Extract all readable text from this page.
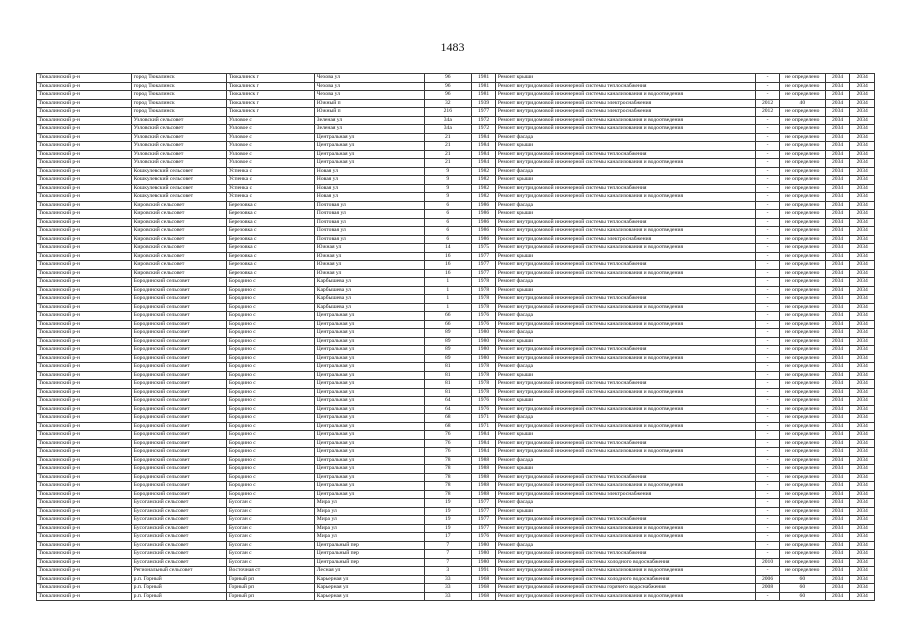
1483
Тюкалинский р-н	город Тюкалинск	Тюкалинск г	Чехова ул	96	1981	Ремонт крыши	-	не определено	2034	2034
Тюкалинский р-н	город Тюкалинск	Тюкалинск г	Чехова ул	96	1981	Ремонт внутридомовой инженерной системы теплоснабжения	-	не определено	2034	2034
Тюкалинский р-н	город Тюкалинск	Тюкалинск г	Чехова ул	96	1981	Ремонт внутридомовой инженерной системы канализования и водоотведения	-	не определено	2034	2034
Тюкалинский р-н	город Тюкалинск	Тюкалинск г	Южный п	32	1939	Ремонт внутридомовой инженерной системы электроснабжения	2012	40	2034	2034
Тюкалинский р-н	город Тюкалинск	Тюкалинск г	Южный п	216	1977	Ремонт внутридомовой инженерной системы электроснабжения	2012	не определено	2034	2034
Тюкалинский р-н	Узловский сельсовет	Узловое с	Зеленая ул	34а	1972	Ремонт внутридомовой инженерной системы канализования и водоотведения	-	не определено	2034	2034
Тюкалинский р-н	Узловский сельсовет	Узловое с	Зеленая ул	34а	1972	Ремонт внутридомовой инженерной системы канализования и водоотведения	-	не определено	2034	2034
Тюкалинский р-н	Узловский сельсовет	Узловое с	Центральная ул	21	1984	Ремонт фасада	-	не определено	2034	2034
Тюкалинский р-н	Узловский сельсовет	Узловое с	Центральная ул	21	1984	Ремонт крыши	-	не определено	2034	2034
Тюкалинский р-н	Узловский сельсовет	Узловое с	Центральная ул	21	1984	Ремонт внутридомовой инженерной системы теплоснабжения	-	не определено	2034	2034
Тюкалинский р-н	Узловский сельсовет	Узловое с	Центральная ул	21	1984	Ремонт внутридомовой инженерной системы канализования и водоотведения	-	не определено	2034	2034
Тюкалинский р-н	Кошкулевский сельсовет	Успенка с	Новая ул	9	1982	Ремонт фасада	-	не определено	2034	2034
Тюкалинский р-н	Кошкулевский сельсовет	Успенка с	Новая ул	9	1982	Ремонт крыши	-	не определено	2034	2034
Тюкалинский р-н	Кошкулевский сельсовет	Успенка с	Новая ул	9	1982	Ремонт внутридомовой инженерной системы теплоснабжения	-	не определено	2034	2034
Тюкалинский р-н	Кошкулевский сельсовет	Успенка с	Новая ул	9	1982	Ремонт внутридомовой инженерной системы канализования и водоотведения	-	не определено	2034	2034
Тюкалинский р-н	Кировский сельсовет	Березовка с	Почтовая ул	6	1986	Ремонт фасада	-	не определено	2034	2034
Тюкалинский р-н	Кировский сельсовет	Березовка с	Почтовая ул	6	1986	Ремонт крыши	-	не определено	2034	2034
Тюкалинский р-н	Кировский сельсовет	Березовка с	Почтовая ул	6	1986	Ремонт внутридомовой инженерной системы теплоснабжения	-	не определено	2034	2034
Тюкалинский р-н	Кировский сельсовет	Березовка с	Почтовая ул	6	1986	Ремонт внутридомовой инженерной системы канализования и водоотведения	-	не определено	2034	2034
Тюкалинский р-н	Кировский сельсовет	Березовка с	Почтовая ул	6	1986	Ремонт внутридомовой инженерной системы электроснабжения	-	не определено	2034	2034
Тюкалинский р-н	Кировский сельсовет	Березовка с	Южная ул	14	1975	Ремонт внутридомовой инженерной системы канализования и водоотведения	-	не определено	2034	2034
Тюкалинский р-н	Кировский сельсовет	Березовка с	Южная ул	16	1977	Ремонт крыши	-	не определено	2034	2034
Тюкалинский р-н	Кировский сельсовет	Березовка с	Южная ул	16	1977	Ремонт внутридомовой инженерной системы теплоснабжения	-	не определено	2034	2034
Тюкалинский р-н	Кировский сельсовет	Березовка с	Южная ул	16	1977	Ремонт внутридомовой инженерной системы канализования и водоотведения	-	не определено	2034	2034
Тюкалинский р-н	Бородинский сельсовет	Бородино с	Карбышева ул	1	1978	Ремонт фасада	-	не определено	2034	2034
Тюкалинский р-н	Бородинский сельсовет	Бородино с	Карбышева ул	1	1978	Ремонт крыши	-	не определено	2034	2034
Тюкалинский р-н	Бородинский сельсовет	Бородино с	Карбышева ул	1	1978	Ремонт внутридомовой инженерной системы теплоснабжения	-	не определено	2034	2034
Тюкалинский р-н	Бородинский сельсовет	Бородино с	Карбышева ул	1	1978	Ремонт внутридомовой инженерной системы канализования и водоотведения	-	не определено	2034	2034
Тюкалинский р-н	Бородинский сельсовет	Бородино с	Центральная ул	66	1976	Ремонт фасада	-	не определено	2034	2034
Тюкалинский р-н	Бородинский сельсовет	Бородино с	Центральная ул	66	1976	Ремонт внутридомовой инженерной системы канализования и водоотведения	-	не определено	2034	2034
Тюкалинский р-н	Бородинский сельсовет	Бородино с	Центральная ул	89	1980	Ремонт фасада	-	не определено	2034	2034
Тюкалинский р-н	Бородинский сельсовет	Бородино с	Центральная ул	89	1980	Ремонт крыши	-	не определено	2034	2034
Тюкалинский р-н	Бородинский сельсовет	Бородино с	Центральная ул	89	1980	Ремонт внутридомовой инженерной системы теплоснабжения	-	не определено	2034	2034
Тюкалинский р-н	Бородинский сельсовет	Бородино с	Центральная ул	89	1980	Ремонт внутридомовой инженерной системы канализования и водоотведения	-	не определено	2034	2034
Тюкалинский р-н	Бородинский сельсовет	Бородино с	Центральная ул	81	1978	Ремонт фасада	-	не определено	2034	2034
Тюкалинский р-н	Бородинский сельсовет	Бородино с	Центральная ул	81	1978	Ремонт крыши	-	не определено	2034	2034
Тюкалинский р-н	Бородинский сельсовет	Бородино с	Центральная ул	81	1978	Ремонт внутридомовой инженерной системы теплоснабжения	-	не определено	2034	2034
Тюкалинский р-н	Бородинский сельсовет	Бородино с	Центральная ул	81	1978	Ремонт внутридомовой инженерной системы канализования и водоотведения	-	не определено	2034	2034
Тюкалинский р-н	Бородинский сельсовет	Бородино с	Центральная ул	64	1976	Ремонт крыши	-	не определено	2034	2034
Тюкалинский р-н	Бородинский сельсовет	Бородино с	Центральная ул	64	1976	Ремонт внутридомовой инженерной системы канализования и водоотведения	-	не определено	2034	2034
Тюкалинский р-н	Бородинский сельсовет	Бородино с	Центральная ул	68	1971	Ремонт фасада	-	не определено	2034	2034
Тюкалинский р-н	Бородинский сельсовет	Бородино с	Центральная ул	68	1971	Ремонт внутридомовой инженерной системы канализования и водоотведения	-	не определено	2034	2034
Тюкалинский р-н	Бородинский сельсовет	Бородино с	Центральная ул	76	1984	Ремонт крыши	-	не определено	2034	2034
Тюкалинский р-н	Бородинский сельсовет	Бородино с	Центральная ул	76	1984	Ремонт внутридомовой инженерной системы теплоснабжения	-	не определено	2034	2034
Тюкалинский р-н	Бородинский сельсовет	Бородино с	Центральная ул	76	1984	Ремонт внутридомовой инженерной системы канализования и водоотведения	-	не определено	2034	2034
Тюкалинский р-н	Бородинский сельсовет	Бородино с	Центральная ул	78	1988	Ремонт фасада	-	не определено	2034	2034
Тюкалинский р-н	Бородинский сельсовет	Бородино с	Центральная ул	78	1988	Ремонт крыши	-	не определено	2034	2034
Тюкалинский р-н	Бородинский сельсовет	Бородино с	Центральная ул	78	1988	Ремонт внутридомовой инженерной системы теплоснабжения	-	не определено	2034	2034
Тюкалинский р-н	Бородинский сельсовет	Бородино с	Центральная ул	78	1988	Ремонт внутридомовой инженерной системы канализования и водоотведения	-	не определено	2034	2034
Тюкалинский р-н	Бородинский сельсовет	Бородино с	Центральная ул	78	1988	Ремонт внутридомовой инженерной системы электроснабжения	-	не определено	2034	2034
Тюкалинский р-н	Бусоганский сельсовет	Бусоган с	Мира ул	19	1977	Ремонт фасада	-	не определено	2034	2034
Тюкалинский р-н	Бусоганский сельсовет	Бусоган с	Мира ул	19	1977	Ремонт крыши	-	не определено	2034	2034
Тюкалинский р-н	Бусоганский сельсовет	Бусоган с	Мира ул	19	1977	Ремонт внутридомовой инженерной системы теплоснабжения	-	не определено	2034	2034
Тюкалинский р-н	Бусоганский сельсовет	Бусоган с	Мира ул	19	1977	Ремонт внутридомовой инженерной системы канализования и водоотведения	-	не определено	2034	2034
Тюкалинский р-н	Бусоганский сельсовет	Бусоган с	Мира ул	17	1976	Ремонт внутридомовой инженерной системы канализования и водоотведения	-	не определено	2034	2034
Тюкалинский р-н	Бусоганский сельсовет	Бусоган с	Центральный пер	7	1980	Ремонт фасада	-	не определено	2034	2034
Тюкалинский р-н	Бусоганский сельсовет	Бусоган с	Центральный пер	7	1980	Ремонт внутридомовой инженерной системы теплоснабжения	-	не определено	2034	2034
Тюкалинский р-н	Бусоганский сельсовет	Бусоган с	Центральный пер	7	1980	Ремонт внутридомовой инженерной системы холодного водоснабжения	2010	не определено	2034	2034
Тюкалинский р-н	Региональный сельсовет	Восточная ст	Лесная ул	3	1991	Ремонт внутридомовой инженерной системы канализования и водоотведения	-	не определено	2034	2034
Тюкалинский р-н	р.п. Горный	Горный рп	Карьерная ул	33	1968	Ремонт внутридомовой инженерной системы холодного водоснабжения	2006	60	2034	2034
Тюкалинский р-н	р.п. Горный	Горный рп	Карьерная ул	33	1968	Ремонт внутридомовой инженерной системы горячего водоснабжения	2008	60	2034	2034
Тюкалинский р-н	р.п. Горный	Горный рп	Карьерная ул	33	1968	Ремонт внутридомовой инженерной системы канализования и водоотведения	-	60	2034	2034
